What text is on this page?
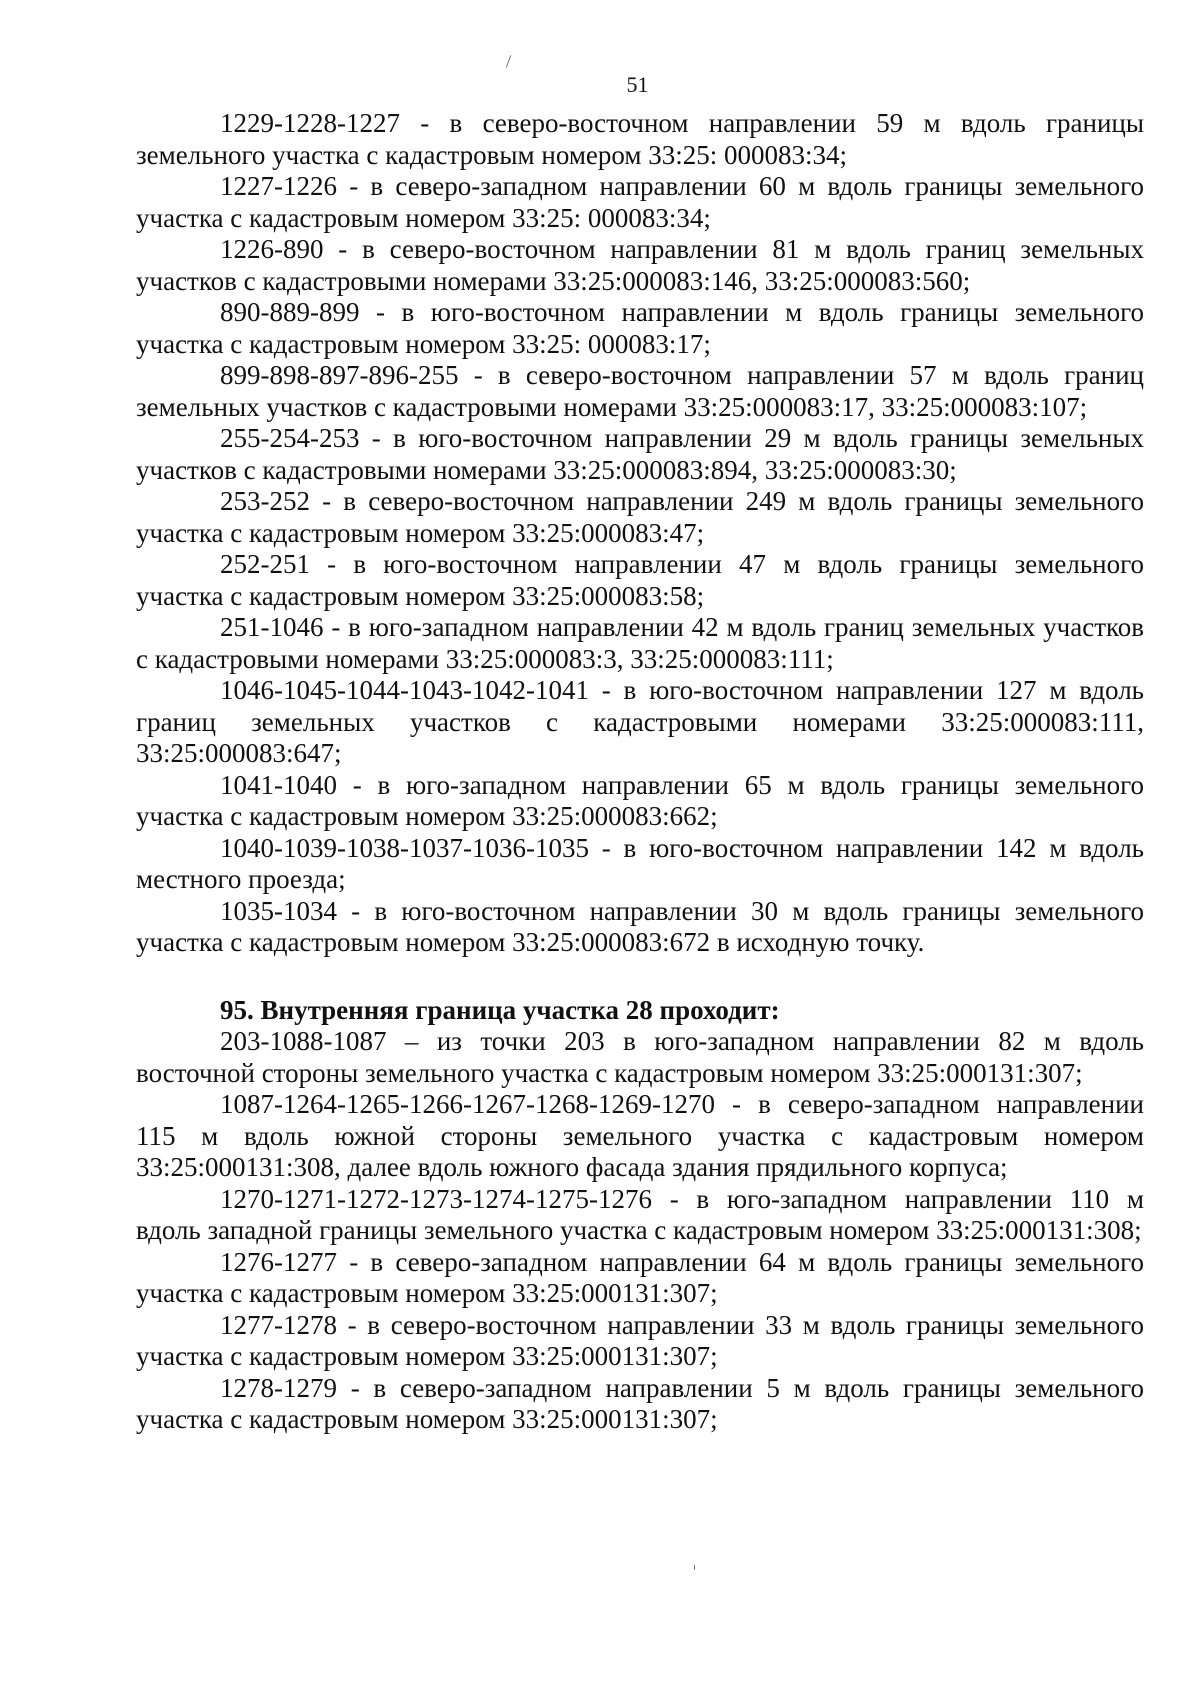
51

1229-1228-1227 - в северо-восточном направлении 59 м вдоль границы земельного участка с кадастровым номером 33:25: 000083:34;

1227-1226 - в северо-западном направлении 60 м вдоль границы земельного участка с кадастровым номером 33:25: 000083:34;

1226-890 - в северо-восточном направлении 81 м вдоль границ земельных участков с кадастровыми номерами 33:25:000083:146, 33:25:000083:560;

890-889-899 - в юго-восточном направлении м вдоль границы земельного участка с кадастровым номером 33:25: 000083:17;

899-898-897-896-255 - в северо-восточном направлении 57 м вдоль границ земельных участков с кадастровыми номерами 33:25:000083:17, 33:25:000083:107;

255-254-253 - в юго-восточном направлении 29 м вдоль границы земельных участков с кадастровыми номерами 33:25:000083:894, 33:25:000083:30;

253-252 - в северо-восточном направлении 249 м вдоль границы земельного участка с кадастровым номером 33:25:000083:47;

252-251 - в юго-восточном направлении 47 м вдоль границы земельного участка с кадастровым номером 33:25:000083:58;

251-1046 - в юго-западном направлении 42 м вдоль границ земельных участков с кадастровыми номерами 33:25:000083:3, 33:25:000083:111;

1046-1045-1044-1043-1042-1041 - в юго-восточном направлении 127 м вдоль границ земельных участков с кадастровыми номерами 33:25:000083:111, 33:25:000083:647;

1041-1040 - в юго-западном направлении 65 м вдоль границы земельного участка с кадастровым номером 33:25:000083:662;

1040-1039-1038-1037-1036-1035 - в юго-восточном направлении 142 м вдоль местного проезда;

1035-1034 - в юго-восточном направлении 30 м вдоль границы земельного участка с кадастровым номером 33:25:000083:672 в исходную точку.

95. Внутренняя граница участка 28 проходит:

203-1088-1087 – из точки 203 в юго-западном направлении 82 м вдоль восточной стороны земельного участка с кадастровым номером 33:25:000131:307;

1087-1264-1265-1266-1267-1268-1269-1270 - в северо-западном направлении 115 м вдоль южной стороны земельного участка с кадастровым номером 33:25:000131:308, далее вдоль южного фасада здания прядильного корпуса;

1270-1271-1272-1273-1274-1275-1276 - в юго-западном направлении 110 м вдоль западной границы земельного участка с кадастровым номером 33:25:000131:308;

1276-1277 - в северо-западном направлении 64 м вдоль границы земельного участка с кадастровым номером 33:25:000131:307;

1277-1278 - в северо-восточном направлении 33 м вдоль границы земельного участка с кадастровым номером 33:25:000131:307;

1278-1279 - в северо-западном направлении 5 м вдоль границы земельного участка с кадастровым номером 33:25:000131:307;
